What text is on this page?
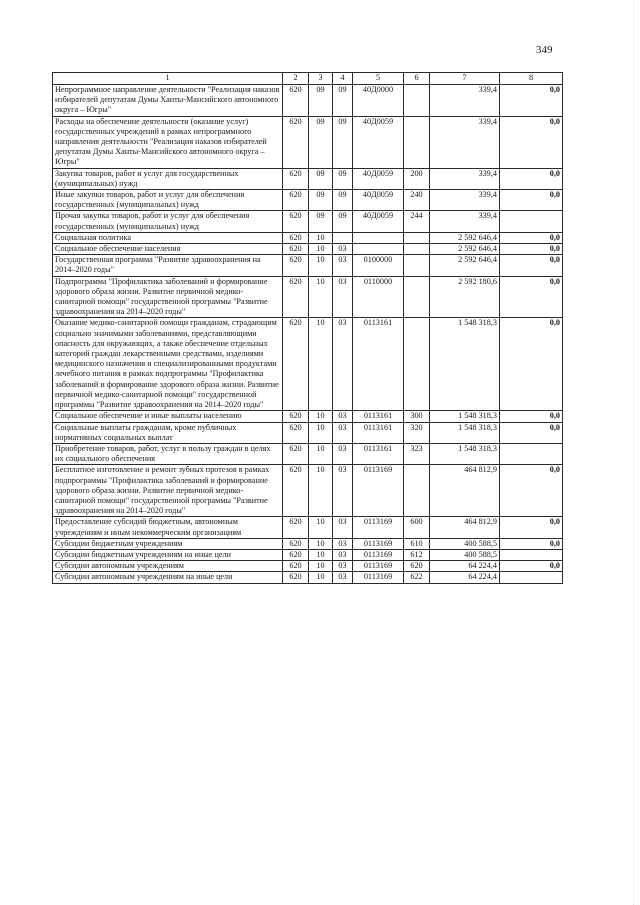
349
1	2	3	4	5	6	7	8
Непрограммное направление деятельности "Реализация наказов избирателей депутатам Думы Ханты-Мансийского автономного округа – Югры"	620	09	09	40Д0000		339,4	0,0
Расходы на обеспечение деятельности (оказание услуг) государственных учреждений в рамках непрограммного направления деятельности "Реализация наказов избирателей депутатам Думы Ханты-Мансийского автономного округа – Югры"	620	09	09	40Д0059		339,4	0,0
Закупка товаров, работ и услуг для государственных (муниципальных) нужд	620	09	09	40Д0059	200	339,4	0,0
Иные закупки товаров, работ и услуг для обеспечения государственных (муниципальных) нужд	620	09	09	40Д0059	240	339,4	0,0
Прочая закупка товаров, работ и услуг для обеспечения государственных (муниципальных) нужд	620	09	09	40Д0059	244	339,4	
Социальная политика	620	10				2 592 646,4	0,0
Социальное обеспечение населения	620	10	03			2 592 646,4	0,0
Государственная программа "Развитие здравоохранения на 2014–2020 годы"	620	10	03	0100000		2 592 646,4	0,0
Подпрограмма "Профилактика заболеваний и формирование здорового образа жизни. Развитие первичной медико-санитарной помощи" государственной программы "Развитие здравоохранения на 2014–2020 годы"	620	10	03	0110000		2 592 180,6	0,0
Оказание медико-санитарной помощи гражданам, страдающим социально значимыми заболеваниями, представляющими опасность для окружающих, а также обеспечение отдельных категорий граждан лекарственными средствами, изделиями медицинского назначения и специализированными продуктами лечебного питания в рамках подпрограммы "Профилактика заболеваний и формирование здорового образа жизни. Развитие первичной медико-санитарной помощи" государственной программы "Развитие здравоохранения на 2014–2020 годы"	620	10	03	0113161		1 548 318,3	0,0
Социальное обеспечение и иные выплаты населению	620	10	03	0113161	300	1 548 318,3	0,0
Социальные выплаты гражданам, кроме публичных нормативных социальных выплат	620	10	03	0113161	320	1 548 318,3	0,0
Приобретение товаров, работ, услуг в пользу граждан в целях их социального обеспечения	620	10	03	0113161	323	1 548 318,3	
Бесплатное изготовление и ремонт зубных протезов в рамках подпрограммы "Профилактика заболеваний и формирование здорового образа жизни. Развитие первичной медико-санитарной помощи" государственной программы "Развитие здравоохранения на 2014–2020 годы"	620	10	03	0113169		464 812,9	0,0
Предоставление субсидий бюджетным, автономным учреждениям и иным некоммерческим организациям	620	10	03	0113169	600	464 812,9	0,0
Субсидии бюджетным учреждениям	620	10	03	0113169	610	400 588,5	0,0
Субсидии бюджетным учреждениям на иные цели	620	10	03	0113169	612	400 588,5	
Субсидии автономным учреждениям	620	10	03	0113169	620	64 224,4	0,0
Субсидии автономным учреждениям на иные цели	620	10	03	0113169	622	64 224,4	
